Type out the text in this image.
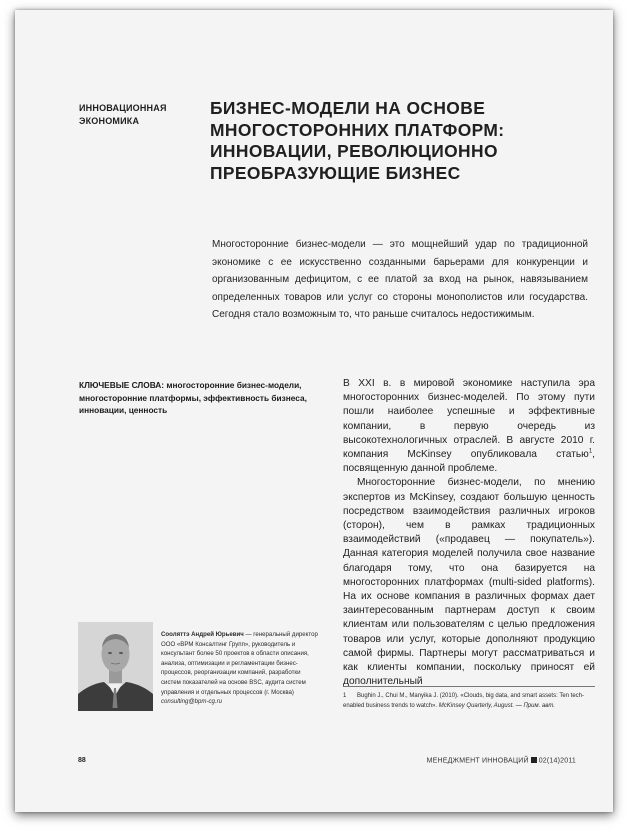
ИННОВАЦИОННАЯ
ЭКОНОМИКА
БИЗНЕС-МОДЕЛИ НА ОСНОВЕ
МНОГОСТОРОННИХ ПЛАТФОРМ:
ИННОВАЦИИ, РЕВОЛЮЦИОННО
ПРЕОБРАЗУЮЩИЕ БИЗНЕС
Многосторонние бизнес-модели — это мощнейший удар по традиционной экономике с ее искусственно созданными барьерами для конкуренции и организованным дефицитом, с ее платой за вход на рынок, навязыванием определенных товаров или услуг со стороны монополистов или государства. Сегодня стало возможным то, что раньше считалось недостижимым.
КЛЮЧЕВЫЕ СЛОВА: многосторонние бизнес-модели, многосторонние платформы, эффективность бизнеса, инновации, ценность

В XXI в. в мировой экономике наступила эра многосторонних бизнес-моделей. По этому пути пошли наиболее успешные и эффективные компании, в первую очередь из высокотехнологичных отраслей. В августе 2010 г. компания McKinsey опубликовала статью$^1$, посвященную данной проблеме.

Многосторонние бизнес-модели, по мнению экспертов из McKinsey, создают большую ценность посредством взаимодействия различных игроков (сторон), чем в рамках традиционных взаимодействий («продавец — покупатель»). Данная категория моделей получила свое название благодаря тому, что она базируется на многосторонних платформах (multi-sided platforms). На их основе компания в различных формах дает заинтересованным партнерам доступ к своим клиентам или пользователям с целью предложения товаров или услуг, которые дополняют продукцию самой фирмы. Партнеры могут рассматриваться и как клиенты компании, поскольку приносят ей дополнительный

Сооляттэ Андрей Юрьевич — генеральный директор ООО «BPM Консалтинг Групп», руководитель и консультант более 50 проектов в области описания, анализа, оптимизации и регламентации бизнес-процессов, реорганизации компаний, разработки систем показателей на основе BSC, аудита систем управления и отдельных процессов (г. Москва)
consulting@bpm-cg.ru
1 Bughin J., Chui M., Manyika J. (2010). «Clouds, big data, and smart assets: Ten tech-enabled business trends to watch». McKinsey Quarterly, August. — Прим. авт.
88	МЕНЕДЖМЕНТ ИННОВАЦИЙ 02(14)2011
